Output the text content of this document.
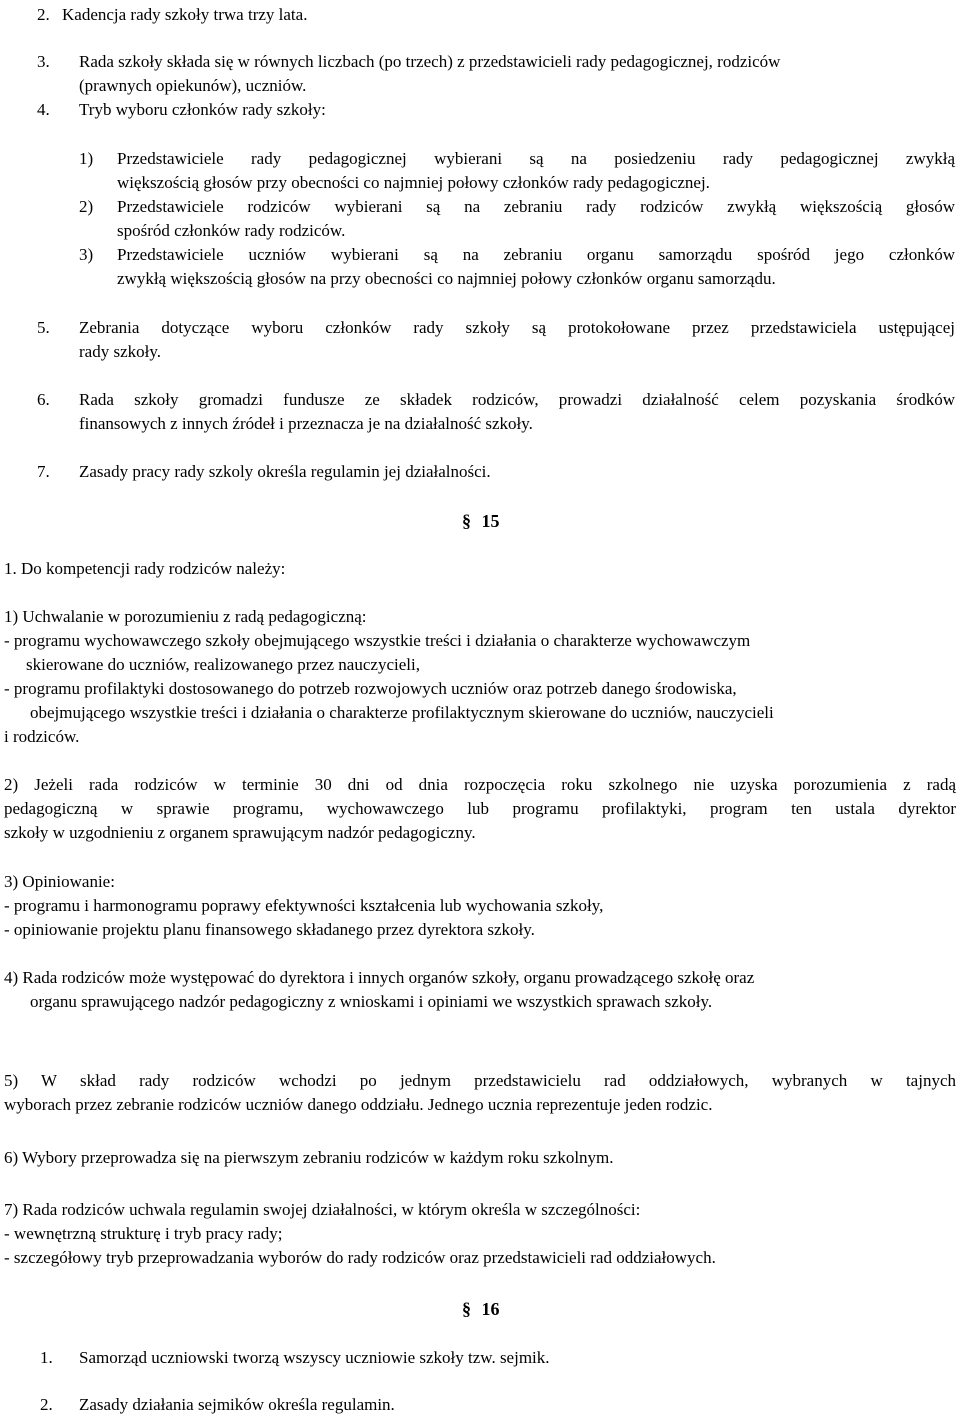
2. Kadencja rady szkoły trwa trzy lata.
3. Rada szkoły składa się w równych liczbach (po trzech) z przedstawicieli rady pedagogicznej, rodziców
(prawnych opiekunów), uczniów.
4. Tryb wyboru członków rady szkoły:
1) Przedstawiciele rady pedagogicznej wybierani są na posiedzeniu rady pedagogicznej zwykłą
większością głosów przy obecności co najmniej połowy członków rady pedagogicznej.
2) Przedstawiciele rodziców wybierani są na zebraniu rady rodziców zwykłą większością głosów
spośród członków rady rodziców.
3) Przedstawiciele uczniów wybierani są na zebraniu organu samorządu spośród jego członków
zwykłą większością głosów na przy obecności co najmniej połowy członków organu samorządu.
5. Zebrania dotyczące wyboru członków rady szkoły są protokołowane przez przedstawiciela ustępującej
rady szkoły.
6. Rada szkoły gromadzi fundusze ze składek rodziców, prowadzi działalność celem pozyskania środków
finansowych z innych źródeł i przeznacza je na działalność szkoły.
7. Zasady pracy rady szkoly określa regulamin jej działalności.
§ 15
1. Do kompetencji rady rodziców należy:
1) Uchwalanie w porozumieniu z radą pedagogiczną:
- programu wychowawczego szkoły obejmującego wszystkie treści i działania o charakterze wychowawczym
skierowane do uczniów, realizowanego przez nauczycieli,
- programu profilaktyki dostosowanego do potrzeb rozwojowych uczniów oraz potrzeb danego środowiska,
obejmującego wszystkie treści i działania o charakterze profilaktycznym skierowane do uczniów, nauczycieli
i rodziców.
2) Jeżeli rada rodziców w terminie 30 dni od dnia rozpoczęcia roku szkolnego nie uzyska porozumienia z radą
pedagogiczną w sprawie programu, wychowawczego lub programu profilaktyki, program ten ustala dyrektor
szkoły w uzgodnieniu z organem sprawującym nadzór pedagogiczny.
3) Opiniowanie:
- programu i harmonogramu poprawy efektywności kształcenia lub wychowania szkoły,
- opiniowanie projektu planu finansowego składanego przez dyrektora szkoły.
4) Rada rodziców może występować do dyrektora i innych organów szkoły, organu prowadzącego szkołę oraz
organu sprawującego nadzór pedagogiczny z wnioskami i opiniami we wszystkich sprawach szkoły.
5) W skład rady rodziców wchodzi po jednym przedstawicielu rad oddziałowych, wybranych w tajnych
wyborach przez zebranie rodziców uczniów danego oddziału. Jednego ucznia reprezentuje jeden rodzic.
6) Wybory przeprowadza się na pierwszym zebraniu rodziców w każdym roku szkolnym.
7) Rada rodziców uchwala regulamin swojej działalności, w którym określa w szczególności:
- wewnętrzną strukturę i tryb pracy rady;
- szczegółowy tryb przeprowadzania wyborów do rady rodziców oraz przedstawicieli rad oddziałowych.
§ 16
1. Samorząd uczniowski tworzą wszyscy uczniowie szkoły tzw. sejmik.
2. Zasady działania sejmików określa regulamin.
